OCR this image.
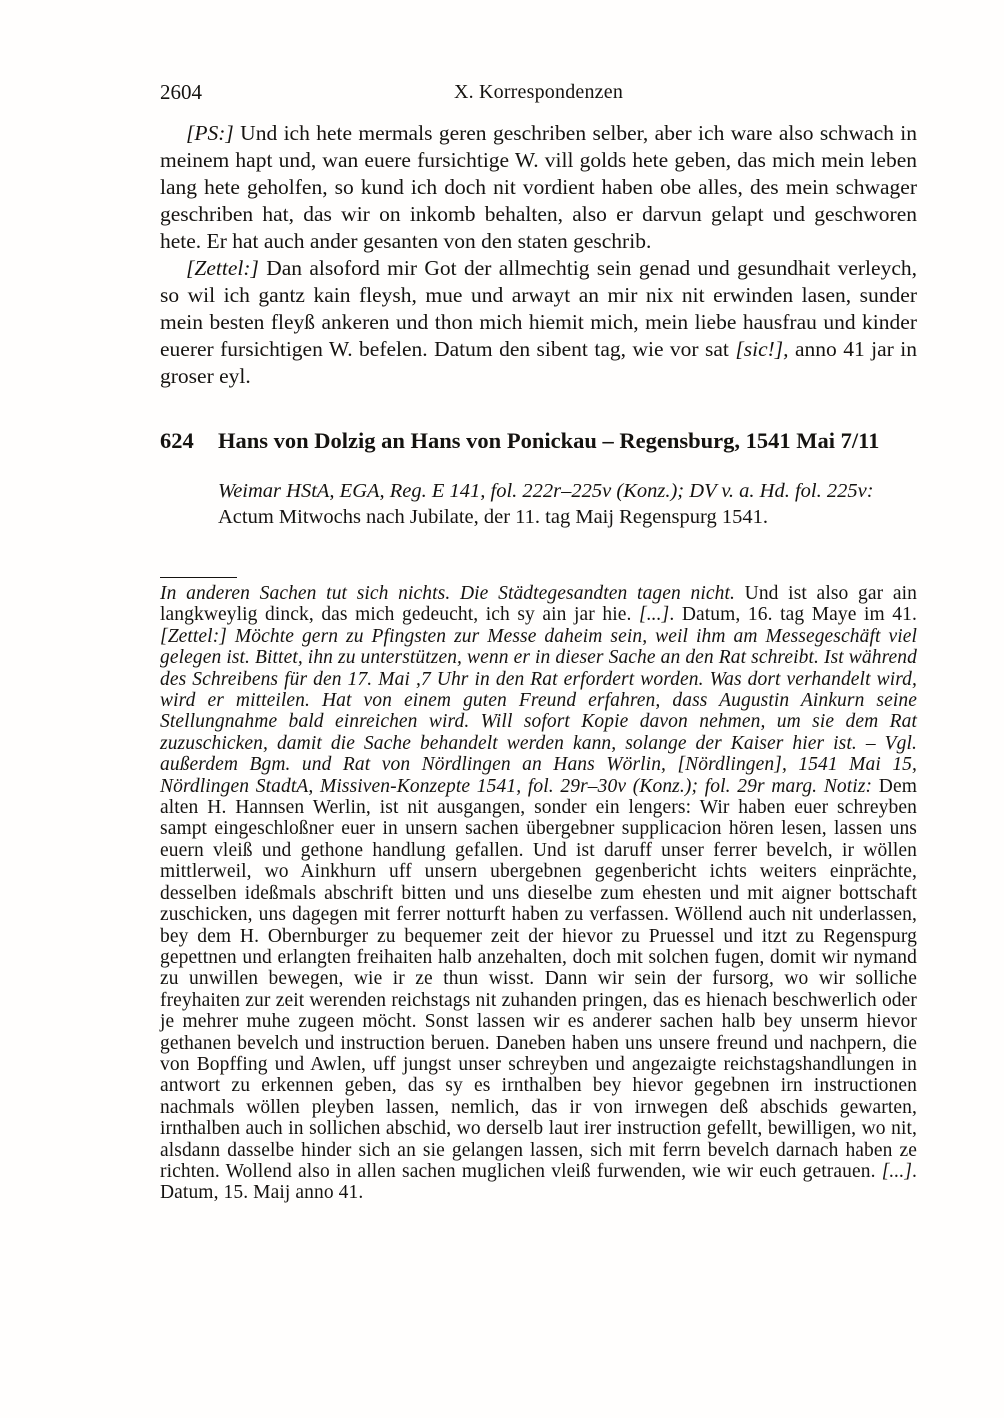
2604	X. Korrespondenzen

[PS:] Und ich hete mermals geren geschriben selber, aber ich ware also schwach in meinem hapt und, wan euere fursichtige W. vill golds hete geben, das mich mein leben lang hete geholfen, so kund ich doch nit vordient haben obe alles, des mein schwager geschriben hat, das wir on inkomb behalten, also er darvun gelapt und geschworen hete. Er hat auch ander gesanten von den staten geschrib.

[Zettel:] Dan alsoford mir Got der allmechtig sein genad und gesundhait verleych, so wil ich gantz kain fleysh, mue und arwayt an mir nix nit erwinden lasen, sunder mein besten fleyß ankeren und thon mich hiemit mich, mein liebe hausfrau und kinder euerer fursichtigen W. befelen. Datum den sibent tag, wie vor sat [sic!], anno 41 jar in groser eyl.

624	Hans von Dolzig an Hans von Ponickau – Regensburg, 1541 Mai 7/11

Weimar HStA, EGA, Reg. E 141, fol. 222r–225v (Konz.); DV v. a. Hd. fol. 225v: Actum Mitwochs nach Jubilate, der 11. tag Maij Regenspurg 1541.

In anderen Sachen tut sich nichts. Die Städtegesandten tagen nicht. Und ist also gar ain langkweylig dinck, das mich gedeucht, ich sy ain jar hie. [...]. Datum, 16. tag Maye im 41. [Zettel:] Möchte gern zu Pfingsten zur Messe daheim sein, weil ihm am Messegeschäft viel gelegen ist. Bittet, ihn zu unterstützen, wenn er in dieser Sache an den Rat schreibt. Ist während des Schreibens für den 17. Mai ,7 Uhr in den Rat erfordert worden. Was dort verhandelt wird, wird er mitteilen. Hat von einem guten Freund erfahren, dass Augustin Ainkurn seine Stellungnahme bald einreichen wird. Will sofort Kopie davon nehmen, um sie dem Rat zuzuschicken, damit die Sache behandelt werden kann, solange der Kaiser hier ist. – Vgl. außerdem Bgm. und Rat von Nördlingen an Hans Wörlin, [Nördlingen], 1541 Mai 15, Nördlingen StadtA, Missiven-Konzepte 1541, fol. 29r–30v (Konz.); fol. 29r marg. Notiz: Dem alten H. Hannsen Werlin, ist nit ausgangen, sonder ein lengers: Wir haben euer schreyben sampt eingeschloßner euer in unsern sachen übergebner supplicacion hören lesen, lassen uns euern vleiß und gethone handlung gefallen. Und ist daruff unser ferrer bevelch, ir wöllen mittlerweil, wo Ainkhurn uff unsern ubergebnen gegenbericht ichts weiters einprächte, desselben ideßmals abschrift bitten und uns dieselbe zum ehesten und mit aigner bottschaft zuschicken, uns dagegen mit ferrer notturft haben zu verfassen. Wöllend auch nit underlassen, bey dem H. Obernburger zu bequemer zeit der hievor zu Pruessel und itzt zu Regenspurg gepettnen und erlangten freihaiten halb anzehalten, doch mit solchen fugen, domit wir nymand zu unwillen bewegen, wie ir ze thun wisst. Dann wir sein der fursorg, wo wir solliche freyhaiten zur zeit werenden reichstags nit zuhanden pringen, das es hienach beschwerlich oder je mehrer muhe zugeen möcht. Sonst lassen wir es anderer sachen halb bey unserm hievor gethanen bevelch und instruction beruen. Daneben haben uns unsere freund und nachpern, die von Bopffing und Awlen, uff jungst unser schreyben und angezaigte reichstagshandlungen in antwort zu erkennen geben, das sy es irnthalben bey hievor gegebnen irn instructionen nachmals wöllen pleyben lassen, nemlich, das ir von irnwegen deß abschids gewarten, irnthalben auch in sollichen abschid, wo derselb laut irer instruction gefellt, bewilligen, wo nit, alsdann dasselbe hinder sich an sie gelangen lassen, sich mit ferrn bevelch darnach haben ze richten. Wollend also in allen sachen muglichen vleiß furwenden, wie wir euch getrauen. [...]. Datum, 15. Maij anno 41.
